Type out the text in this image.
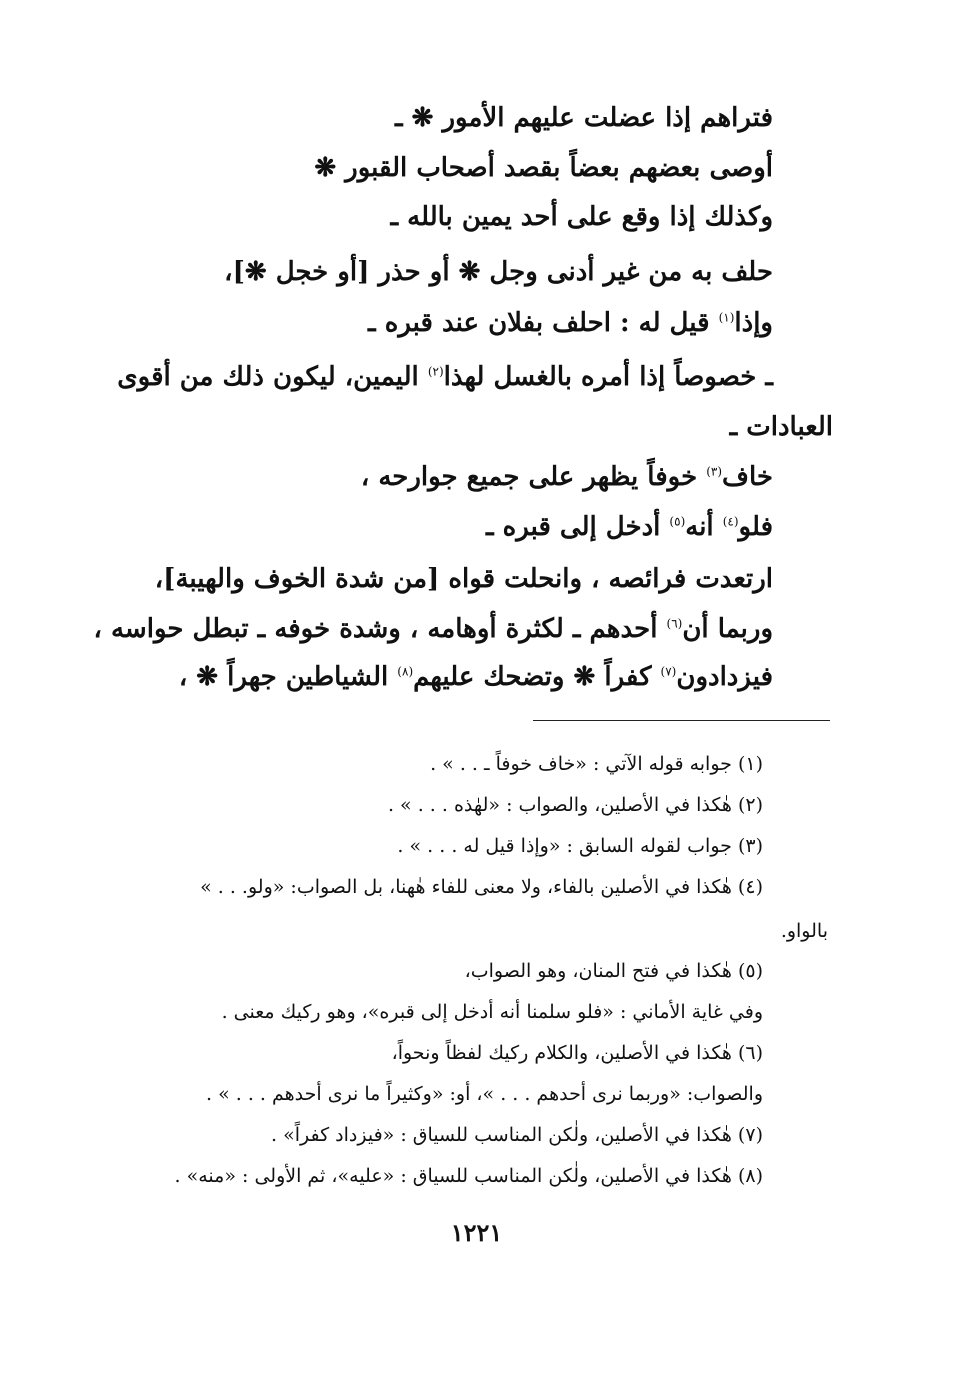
فتراهم إذا عضلت عليهم الأمور ❋ ـ
أوصى بعضهم بعضاً بقصد أصحاب القبور ❋
وكذلك إذا وقع على أحد يمين بالله ـ
حلف به من غير أدنى وجل ❋ أو حذر [أو خجل ❋]،
وإذا$^{(١)}$ قيل له : احلف بفلان عند قبره ـ
ـ خصوصاً إذا أمره بالغسل لهذا$^{(٢)}$ اليمين، ليكون ذلك من أقوى
العبادات ـ
خاف$^{(٣)}$ خوفاً يظهر على جميع جوارحه ،
فلو$^{(٤)}$ أنه$^{(٥)}$ أدخل إلى قبره ـ
ارتعدت فرائصه ، وانحلت قواه [من شدة الخوف والهيبة]،
وربما أن$^{(٦)}$ أحدهم ـ لكثرة أوهامه ، وشدة خوفه ـ تبطل حواسه ،
فيزدادون$^{(٧)}$ كفراً ❋ وتضحك عليهم$^{(٨)}$ الشياطين جهراً ❋ ،
(١) جوابه قوله الآتي : «خاف خوفاً ـ . . » .
(٢) هٰكذا في الأصلين، والصواب : «لهٰذه . . . » .
(٣) جواب لقوله السابق : «وإذا قيل له . . . » .
(٤) هٰكذا في الأصلين بالفاء، ولا معنى للفاء هٰهنا، بل الصواب: «ولو. . . »
بالواو.
(٥) هٰكذا في فتح المنان، وهو الصواب،
وفي غاية الأماني : «فلو سلمنا أنه أدخل إلى قبره»، وهو ركيك معنى .
(٦) هٰكذا في الأصلين، والكلام ركيك لفظاً ونحواً،
والصواب: «وربما نرى أحدهم . . . »، أو: «وكثيراً ما نرى أحدهم . . . » .
(٧) هٰكذا في الأصلين، ولٰكن المناسب للسياق : «فيزداد كفراً» .
(٨) هٰكذا في الأصلين، ولٰكن المناسب للسياق : «عليه»، ثم الأولى : «منه» .
١٢٢١
